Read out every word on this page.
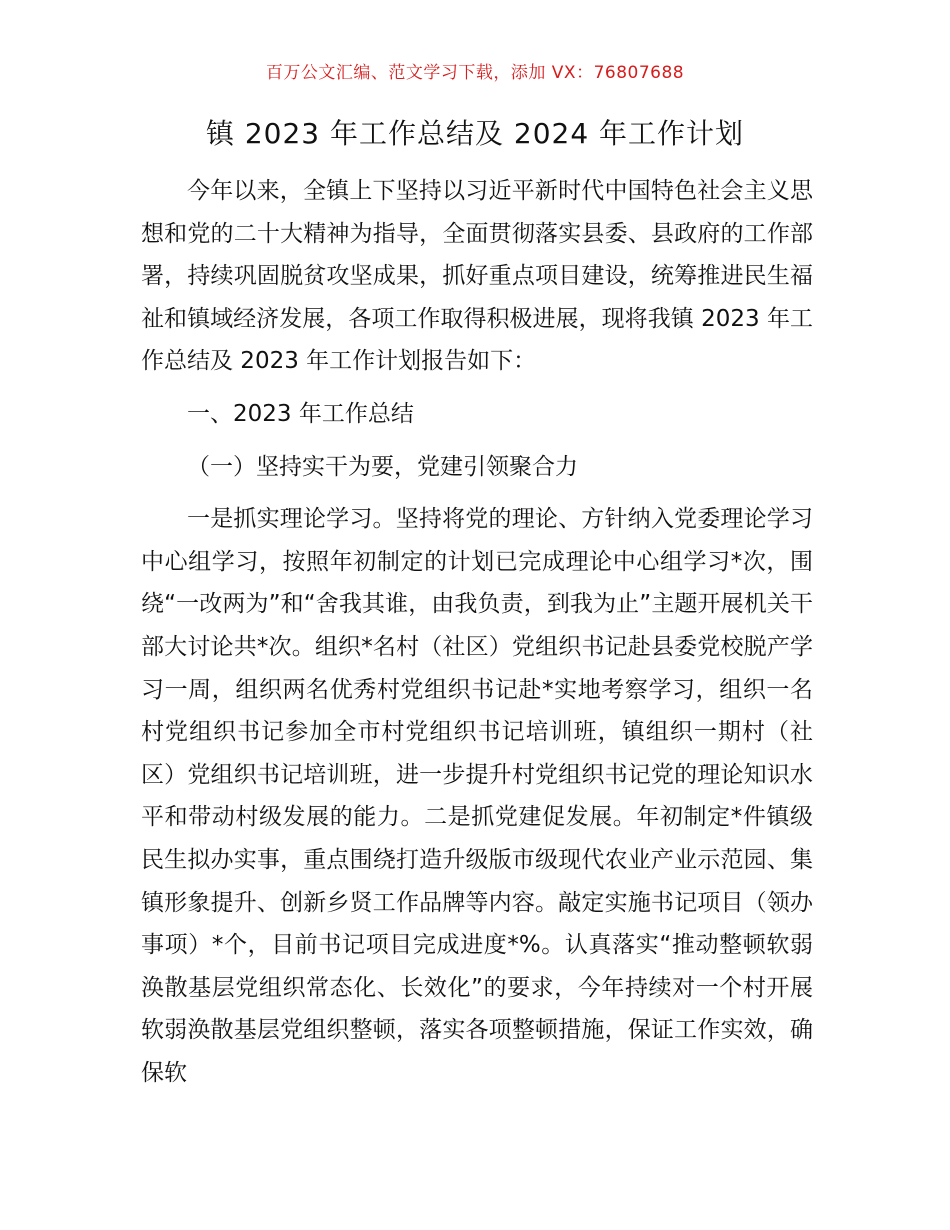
百万公文汇编、范文学习下载，添加 VX：76807688
镇 2023 年工作总结及 2024 年工作计划

今年以来，全镇上下坚持以习近平新时代中国特色社会主义思想和党的二十大精神为指导，全面贯彻落实县委、县政府的工作部署，持续巩固脱贫攻坚成果，抓好重点项目建设，统筹推进民生福祉和镇域经济发展，各项工作取得积极进展，现将我镇 2023 年工作总结及 2023 年工作计划报告如下：

一、2023 年工作总结

（一）坚持实干为要，党建引领聚合力

一是抓实理论学习。坚持将党的理论、方针纳入党委理论学习中心组学习，按照年初制定的计划已完成理论中心组学习*次，围绕“一改两为”和“舍我其谁，由我负责，到我为止”主题开展机关干部大讨论共*次。组织*名村（社区）党组织书记赴县委党校脱产学习一周，组织两名优秀村党组织书记赴*实地考察学习，组织一名村党组织书记参加全市村党组织书记培训班，镇组织一期村（社区）党组织书记培训班，进一步提升村党组织书记党的理论知识水平和带动村级发展的能力。二是抓党建促发展。年初制定*件镇级民生拟办实事，重点围绕打造升级版市级现代农业产业示范园、集镇形象提升、创新乡贤工作品牌等内容。敲定实施书记项目（领办事项）*个，目前书记项目完成进度*%。认真落实“推动整顿软弱涣散基层党组织常态化、长效化”的要求，今年持续对一个村开展软弱涣散基层党组织整顿，落实各项整顿措施，保证工作实效，确保软
